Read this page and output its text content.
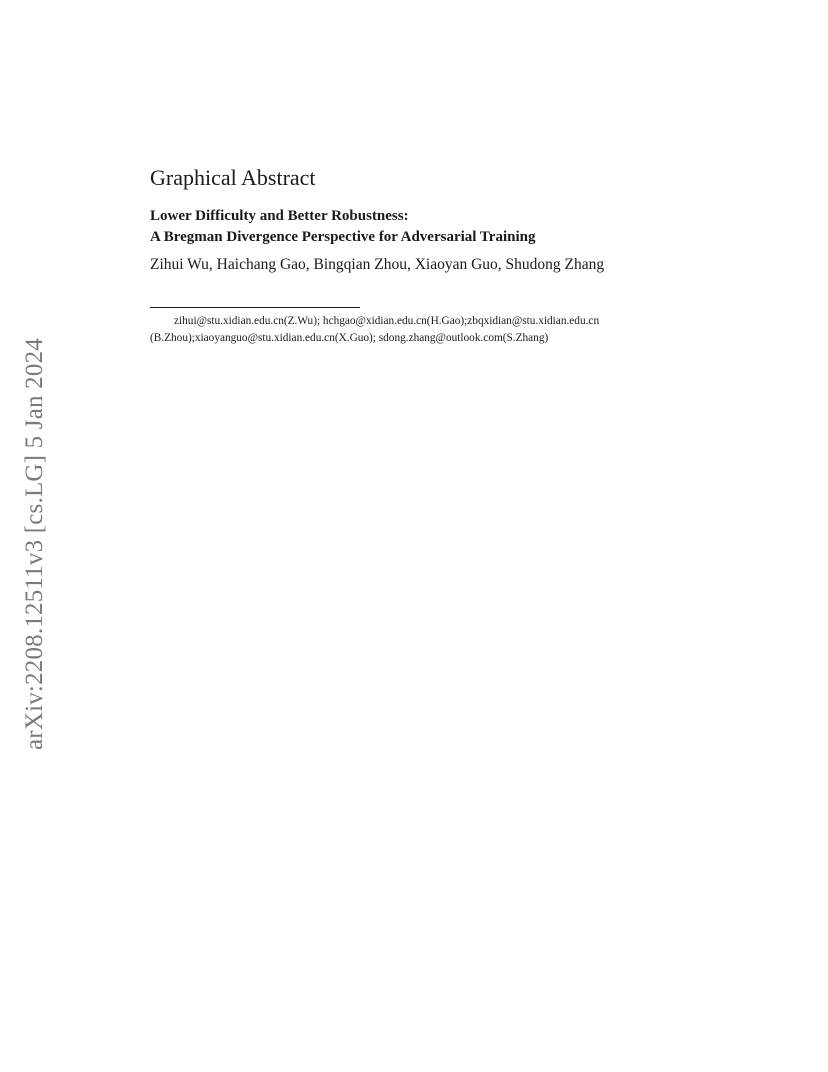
arXiv:2208.12511v3 [cs.LG] 5 Jan 2024
Graphical Abstract
Lower Difficulty and Better Robustness:
A Bregman Divergence Perspective for Adversarial Training
Zihui Wu, Haichang Gao, Bingqian Zhou, Xiaoyan Guo, Shudong Zhang
zihui@stu.xidian.edu.cn(Z.Wu); hchgao@xidian.edu.cn(H.Gao);zbqxidian@stu.xidian.edu.cn
(B.Zhou);xiaoyanguo@stu.xidian.edu.cn(X.Guo); sdong.zhang@outlook.com(S.Zhang)
